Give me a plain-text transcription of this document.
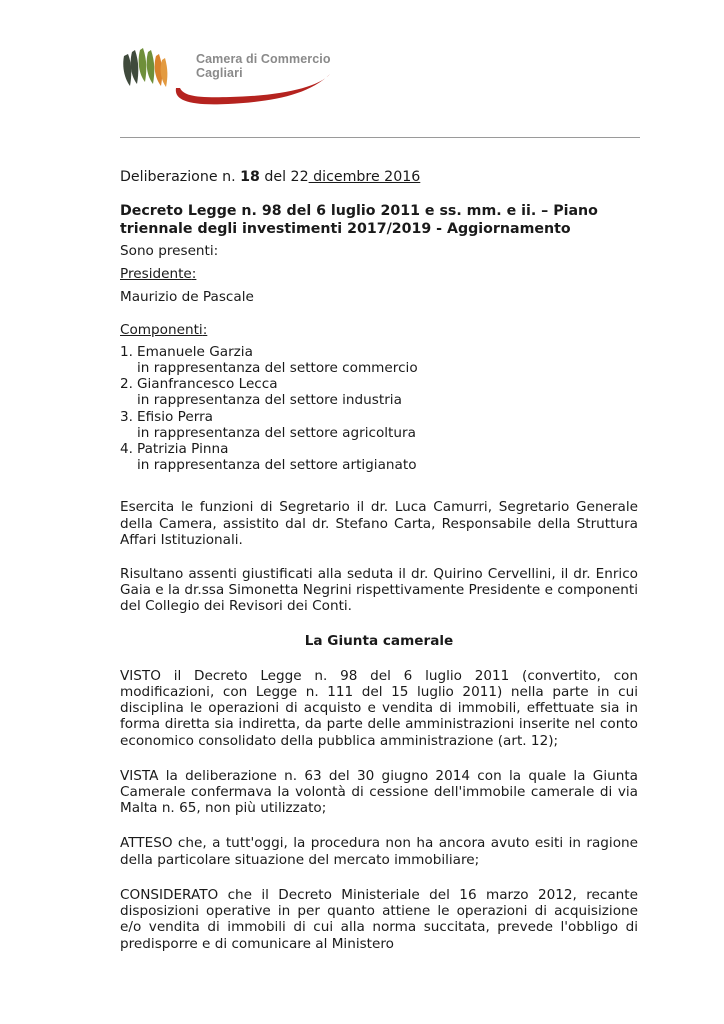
Camera di Commercio
Cagliari

Deliberazione n. 18 del 22 dicembre 2016

Decreto Legge n. 98 del 6 luglio 2011 e ss. mm. e ii. – Piano triennale degli investimenti 2017/2019 - Aggiornamento

Sono presenti:

Presidente:

Maurizio de Pascale

Componenti:

1. Emanuele Garzia
in rappresentanza del settore commercio
2. Gianfrancesco Lecca
in rappresentanza del settore industria
3. Efisio Perra
in rappresentanza del settore agricoltura
4. Patrizia Pinna
in rappresentanza del settore artigianato

Esercita le funzioni di Segretario il dr. Luca Camurri, Segretario Generale della Camera, assistito dal dr. Stefano Carta, Responsabile della Struttura Affari Istituzionali.

Risultano assenti giustificati alla seduta il dr. Quirino Cervellini, il dr. Enrico Gaia e la dr.ssa Simonetta Negrini rispettivamente Presidente e componenti del Collegio dei Revisori dei Conti.

La Giunta camerale

VISTO il Decreto Legge n. 98 del 6 luglio 2011 (convertito, con modificazioni, con Legge n. 111 del 15 luglio 2011) nella parte in cui disciplina le operazioni di acquisto e vendita di immobili, effettuate sia in forma diretta sia indiretta, da parte delle amministrazioni inserite nel conto economico consolidato della pubblica amministrazione (art. 12);

VISTA la deliberazione n. 63 del 30 giugno 2014 con la quale la Giunta Camerale confermava la volontà di cessione dell'immobile camerale di via Malta n. 65, non più utilizzato;

ATTESO che, a tutt'oggi, la procedura non ha ancora avuto esiti in ragione della particolare situazione del mercato immobiliare;

CONSIDERATO che il Decreto Ministeriale del 16 marzo 2012, recante disposizioni operative in per quanto attiene le operazioni di acquisizione e/o vendita di immobili di cui alla norma succitata, prevede l'obbligo di predisporre e di comunicare al Ministero
